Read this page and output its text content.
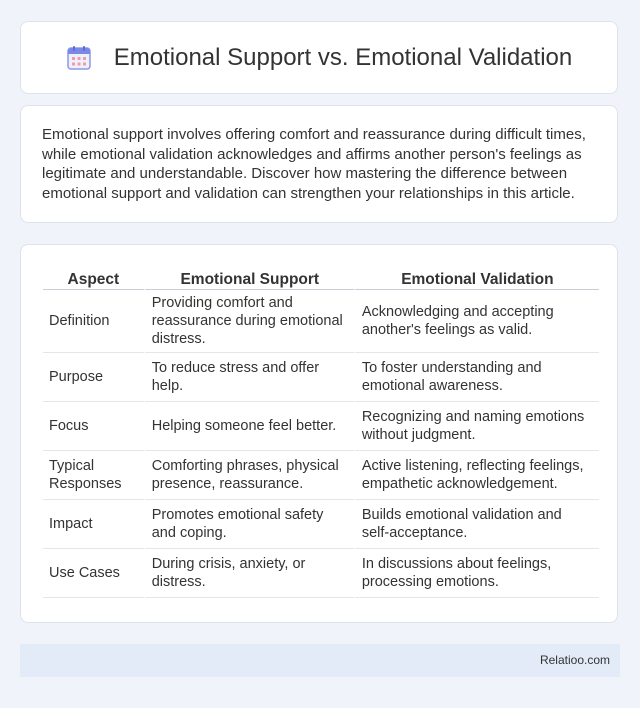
Emotional Support vs. Emotional Validation

Emotional support involves offering comfort and reassurance during difficult times, while emotional validation acknowledges and affirms another person's feelings as legitimate and understandable. Discover how mastering the difference between emotional support and validation can strengthen your relationships in this article.

Aspect	Emotional Support	Emotional Validation
Definition	Providing comfort and reassurance during emotional distress.	Acknowledging and accepting another's feelings as valid.
Purpose	To reduce stress and offer help.	To foster understanding and emotional awareness.
Focus	Helping someone feel better.	Recognizing and naming emotions without judgment.
Typical Responses	Comforting phrases, physical presence, reassurance.	Active listening, reflecting feelings, empathetic acknowledgement.
Impact	Promotes emotional safety and coping.	Builds emotional validation and self-acceptance.
Use Cases	During crisis, anxiety, or distress.	In discussions about feelings, processing emotions.
Relatioo.com
